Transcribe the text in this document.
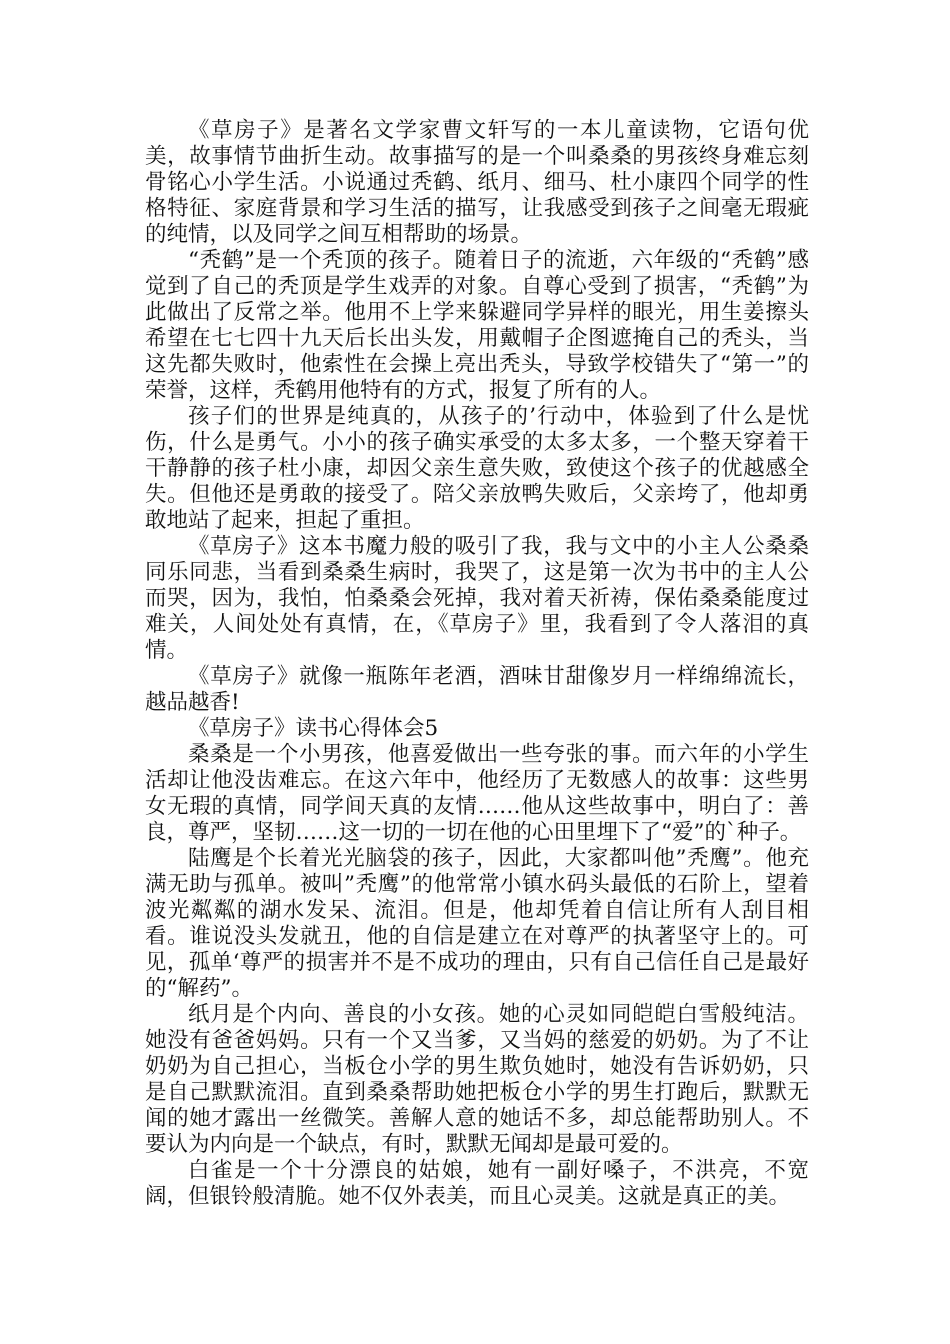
《草房子》是著名文学家曹文轩写的一本儿童读物，它语句优美，故事情节曲折生动。故事描写的是一个叫桑桑的男孩终身难忘刻骨铭心小学生活。小说通过秃鹤、纸月、细马、杜小康四个同学的性格特征、家庭背景和学习生活的描写，让我感受到孩子之间毫无瑕疵的纯情，以及同学之间互相帮助的场景。

“秃鹤”是一个秃顶的孩子。随着日子的流逝，六年级的“秃鹤”感觉到了自己的秃顶是学生戏弄的对象。自尊心受到了损害，“秃鹤”为此做出了反常之举。他用不上学来躲避同学异样的眼光，用生姜擦头希望在七七四十九天后长出头发，用戴帽子企图遮掩自己的秃头，当这先都失败时，他索性在会操上亮出秃头，导致学校错失了“第一”的荣誉，这样，秃鹤用他特有的方式，报复了所有的人。

孩子们的世界是纯真的，从孩子的’行动中，体验到了什么是忧伤，什么是勇气。小小的孩子确实承受的太多太多，一个整天穿着干干静静的孩子杜小康，却因父亲生意失败，致使这个孩子的优越感全失。但他还是勇敢的接受了。陪父亲放鸭失败后，父亲垮了，他却勇敢地站了起来，担起了重担。

《草房子》这本书魔力般的吸引了我，我与文中的小主人公桑桑同乐同悲，当看到桑桑生病时，我哭了，这是第一次为书中的主人公而哭，因为，我怕，怕桑桑会死掉，我对着天祈祷，保佑桑桑能度过难关，人间处处有真情，在，《草房子》里，我看到了令人落泪的真情。

《草房子》就像一瓶陈年老酒，酒味甘甜像岁月一样绵绵流长，越品越香!

《草房子》读书心得体会5

桑桑是一个小男孩，他喜爱做出一些夸张的事。而六年的小学生活却让他没齿难忘。在这六年中，他经历了无数感人的故事：这些男女无瑕的真情，同学间天真的友情……他从这些故事中，明白了：善良，尊严，坚韧……这一切的一切在他的心田里埋下了“爱”的`种子。

陆鹰是个长着光光脑袋的孩子，因此，大家都叫他”秃鹰”。他充满无助与孤单。被叫”秃鹰”的他常常小镇水码头最低的石阶上，望着波光粼粼的湖水发呆、流泪。但是，他却凭着自信让所有人刮目相看。谁说没头发就丑，他的自信是建立在对尊严的执著坚守上的。可见，孤单‘尊严的损害并不是不成功的理由，只有自己信任自己是最好的“解药”。

纸月是个内向、善良的小女孩。她的心灵如同皑皑白雪般纯洁。她没有爸爸妈妈。只有一个又当爹，又当妈的慈爱的奶奶。为了不让奶奶为自己担心，当板仓小学的男生欺负她时，她没有告诉奶奶，只是自己默默流泪。直到桑桑帮助她把板仓小学的男生打跑后，默默无闻的她才露出一丝微笑。善解人意的她话不多，却总能帮助别人。不要认为内向是一个缺点，有时，默默无闻却是最可爱的。

白雀是一个十分漂良的姑娘，她有一副好嗓子，不洪亮，不宽阔，但银铃般清脆。她不仅外表美，而且心灵美。这就是真正的美。
